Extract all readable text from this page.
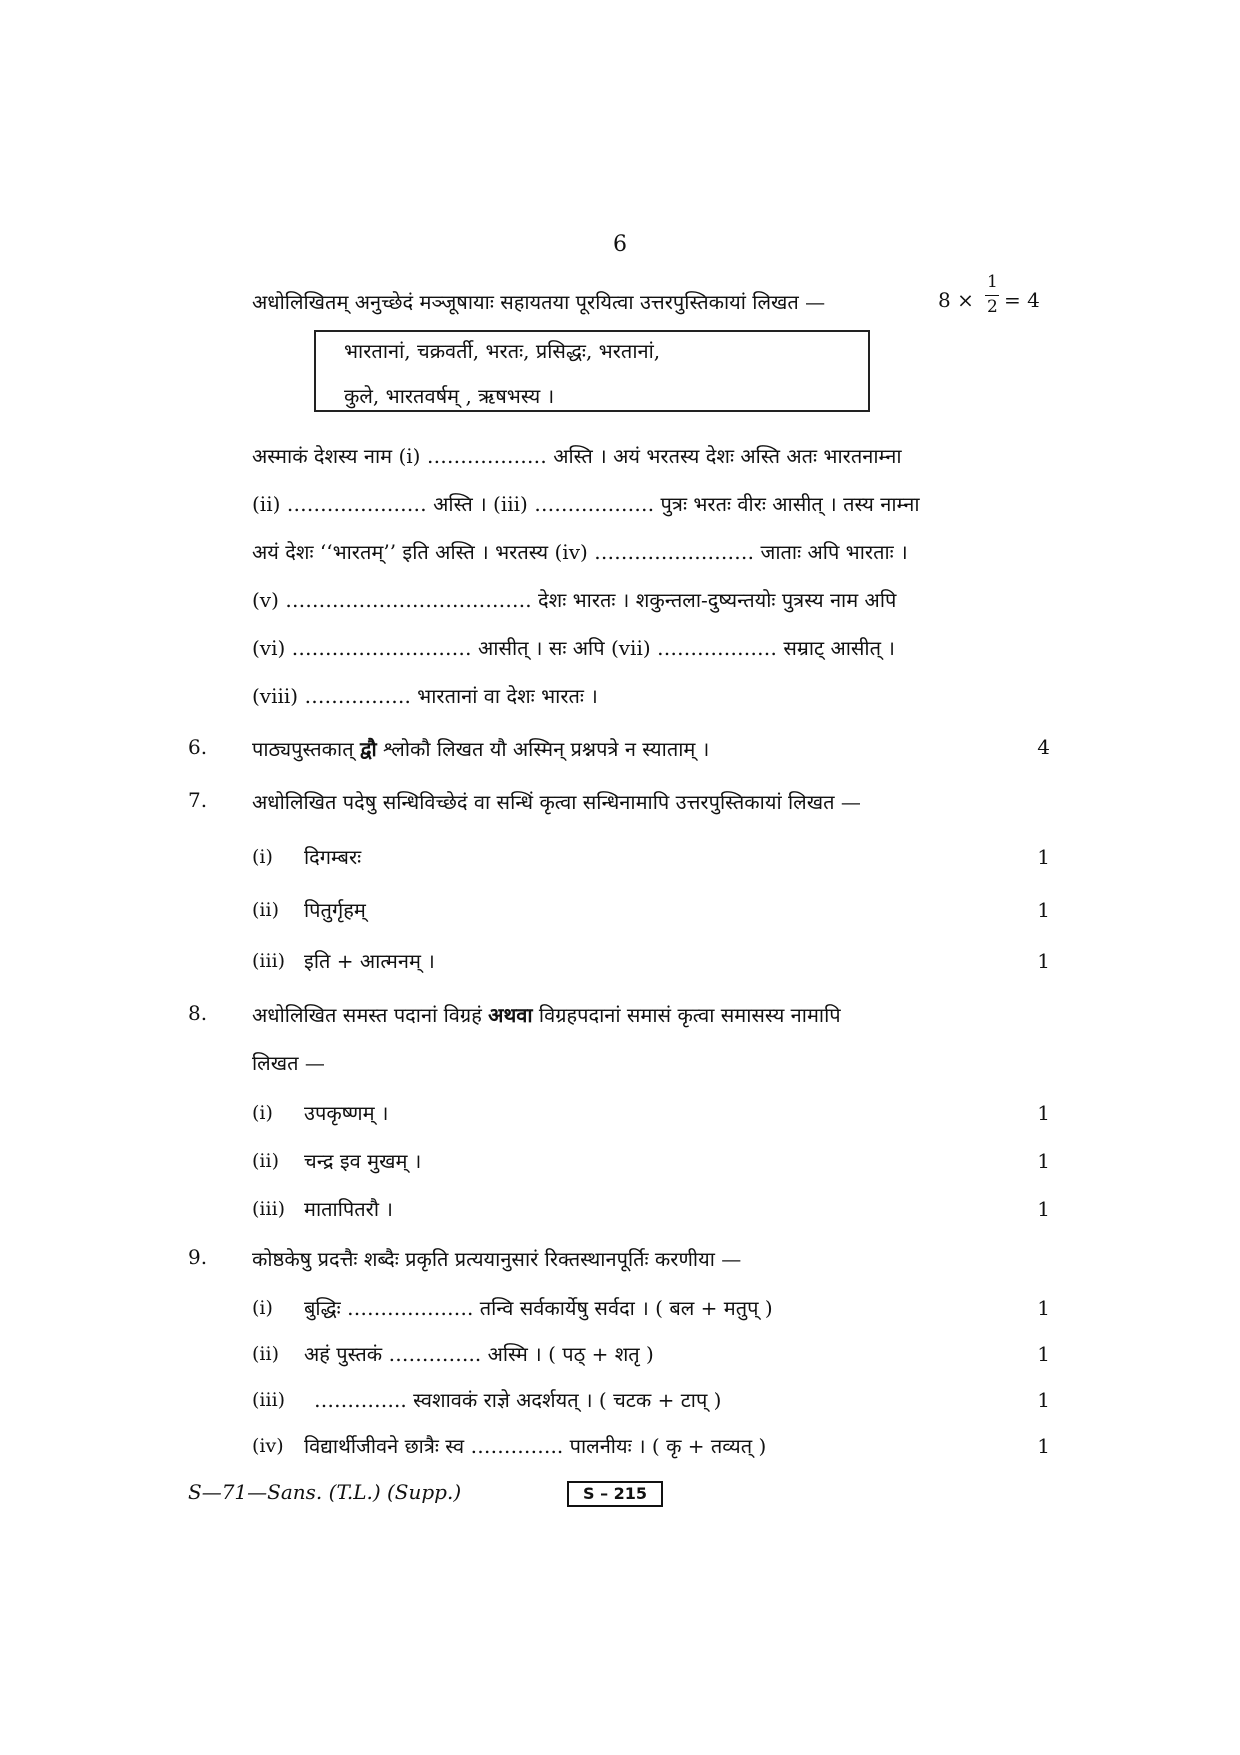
6
अधोलिखितम् अनुच्छेदं मञ्जूषायाः सहायतया पूरयित्वा उत्तरपुस्तिकायां लिखत —	8 ×
1
2 = 4
भारतानां, चक्रवर्ती, भरतः, प्रसिद्धः, भरतानां,
कुले, भारतवर्षम् , ऋषभस्य ।
अस्माकं देशस्य नाम (i) ……………… अस्ति । अयं भरतस्य देशः अस्ति अतः भारतनाम्ना
(ii) ………………… अस्ति । (iii) ……………… पुत्रः भरतः वीरः आसीत् । तस्य नाम्ना
अयं देशः ‘‘भारतम्’’ इति अस्ति । भरतस्य (iv) …………………… जाताः अपि भारताः ।
(v) ………………………………. देशः भारतः । शकुन्तला-दुष्यन्तयोः पुत्रस्य नाम अपि
(vi) ……………………… आसीत् । सः अपि (vii) ……………… सम्राट् आसीत् ।
(viii) ……………. भारतानां वा देशः भारतः ।
6. पाठ्यपुस्तकात् द्वौ श्लोकौ लिखत यौ अस्मिन् प्रश्नपत्रे न स्याताम् ।	4
7. अधोलिखित पदेषु सन्धिविच्छेदं वा सन्धिं कृत्वा सन्धिनामापि उत्तरपुस्तिकायां लिखत —
(i) दिगम्बरः	1
(ii) पितुर्गृहम्	1
(iii) इति + आत्मनम् ।	1
8. अधोलिखित समस्त पदानां विग्रहं अथवा विग्रहपदानां समासं कृत्वा समासस्य नामापि
लिखत —
(i) उपकृष्णम् ।	1
(ii) चन्द्र इव मुखम् ।	1
(iii) मातापितरौ ।	1
9. कोष्ठकेषु प्रदत्तैः शब्दैः प्रकृति प्रत्ययानुसारं रिक्तस्थानपूर्तिः करणीया —
(i) बुद्धिः ………………. तन्वि सर्वकार्येषु सर्वदा । ( बल + मतुप् )	1
(ii) अहं पुस्तकं ………….. अस्मि । ( पठ् + शतृ )	1
(iii) ………….. स्वशावकं राज्ञे अदर्शयत् । ( चटक + टाप् )	1
(iv) विद्यार्थीजीवने छात्रैः स्व ………….. पालनीयः । ( कृ + तव्यत् )	1
S—71—Sans. (T.L.) (Supp.)	S – 215
